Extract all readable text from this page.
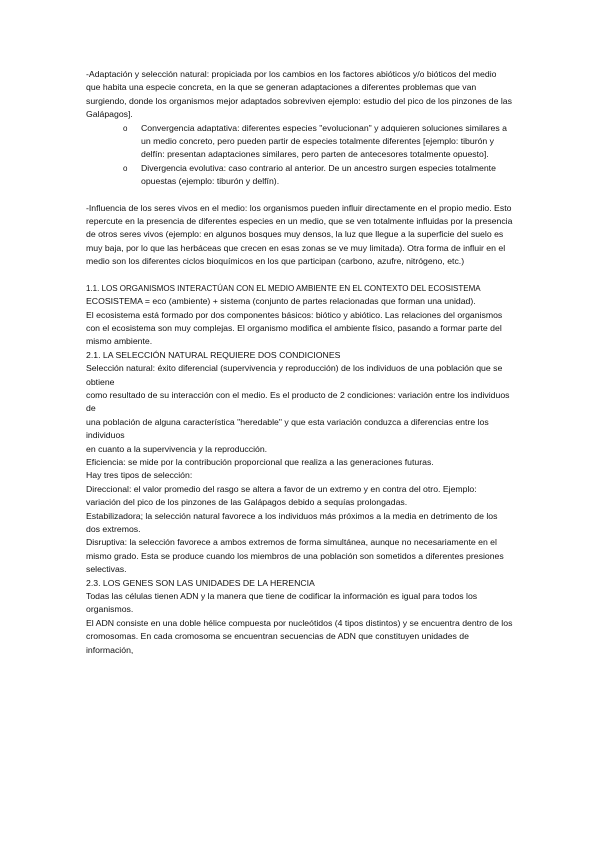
-Adaptación y selección natural: propiciada por los cambios en los factores abióticos y/o bióticos del medio que habita una especie concreta, en la que se generan adaptaciones a diferentes problemas que van surgiendo, donde los organismos mejor adaptados sobreviven ejemplo: estudio del pico de los pinzones de las Galápagos].

o Convergencia adaptativa: diferentes especies "evolucionan" y adquieren soluciones similares a un medio concreto, pero pueden partir de especies totalmente diferentes [ejemplo: tiburón y delfín: presentan adaptaciones similares, pero parten de antecesores totalmente opuesto].
o Divergencia evolutiva: caso contrario al anterior. De un ancestro surgen especies totalmente opuestas (ejemplo: tiburón y delfín).

-Influencia de los seres vivos en el medio: los organismos pueden influir directamente en el propio medio. Esto repercute en la presencia de diferentes especies en un medio, que se ven totalmente influidas por la presencia de otros seres vivos (ejemplo: en algunos bosques muy densos, la luz que llegue a la superficie del suelo es muy baja, por lo que las herbáceas que crecen en esas zonas se ve muy limitada). Otra forma de influir en el medio son los diferentes ciclos bioquímicos en los que participan (carbono, azufre, nitrógeno, etc.)

1.1. LOS ORGANISMOS INTERACTÚAN CON EL MEDIO AMBIENTE EN EL CONTEXTO DEL ECOSISTEMA

ECOSISTEMA = eco (ambiente) + sistema (conjunto de partes relacionadas que forman una unidad).

El ecosistema está formado por dos componentes básicos: biótico y abiótico. Las relaciones del organismos con el ecosistema son muy complejas. El organismo modifica el ambiente físico, pasando a formar parte del mismo ambiente.

2.1. LA SELECCIÓN NATURAL REQUIERE DOS CONDICIONES

Selección natural: éxito diferencial (supervivencia y reproducción) de los individuos de una población que se obtiene

como resultado de su interacción con el medio. Es el producto de 2 condiciones: variación entre los individuos de

una población de alguna característica "heredable" y que esta variación conduzca a diferencias entre los individuos

en cuanto a la supervivencia y la reproducción.

Eficiencia: se mide por la contribución proporcional que realiza a las generaciones futuras.

Hay tres tipos de selección:

Direccional: el valor promedio del rasgo se altera a favor de un extremo y en contra del otro. Ejemplo:

variación del pico de los pinzones de las Galápagos debido a sequías prolongadas.

Estabilizadora; la selección natural favorece a los individuos más próximos a la media en detrimento de los

dos extremos.

Disruptiva: la selección favorece a ambos extremos de forma simultánea, aunque no necesariamente en el

mismo grado. Esta se produce cuando los miembros de una población son sometidos a diferentes presiones

selectivas.

2.3. LOS GENES SON LAS UNIDADES DE LA HERENCIA

Todas las células tienen ADN y la manera que tiene de codificar la información es igual para todos los organismos.

El ADN consiste en una doble hélice compuesta por nucleótidos (4 tipos distintos) y se encuentra dentro de los

cromosomas. En cada cromosoma se encuentran secuencias de ADN que constituyen unidades de información,
